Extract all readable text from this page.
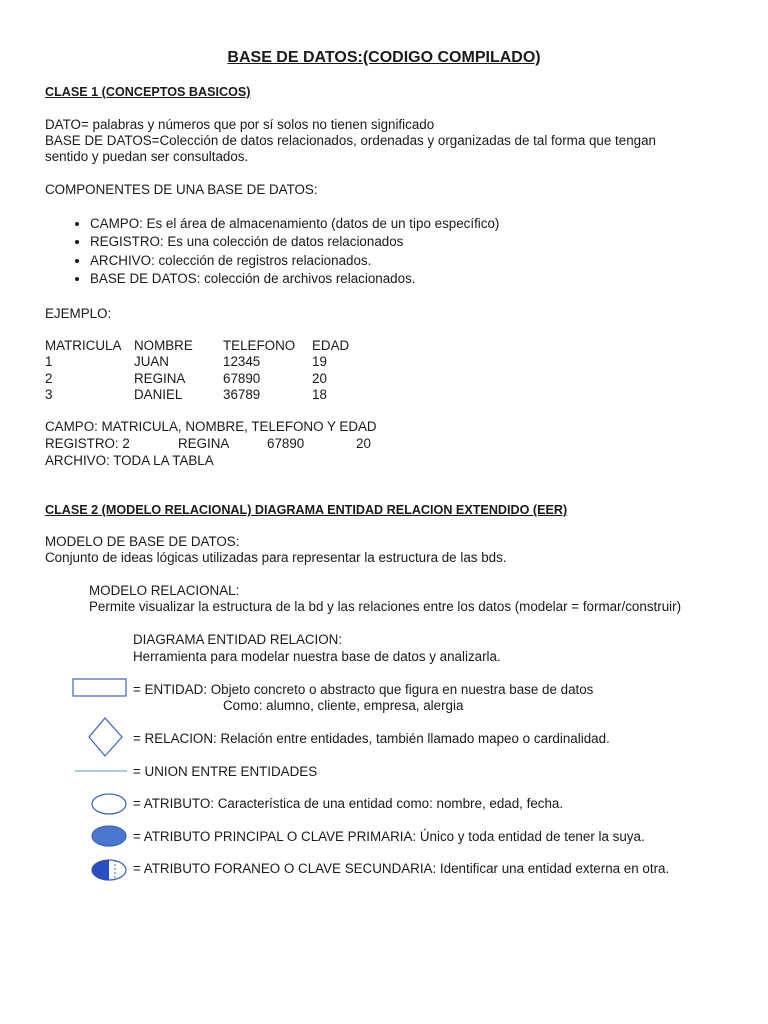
BASE DE DATOS:(CODIGO COMPILADO)
CLASE 1 (CONCEPTOS BASICOS)
DATO= palabras y números que por sí solos no tienen significado
BASE DE DATOS=Colección de datos relacionados, ordenadas y organizadas de tal forma que tengan
sentido y puedan ser consultados.
COMPONENTES DE UNA BASE DE DATOS:
• CAMPO: Es el área de almacenamiento (datos de un tipo específico)
• REGISTRO: Es una colección de datos relacionados
• ARCHIVO: colección de registros relacionados.
• BASE DE DATOS: colección de archivos relacionados.
EJEMPLO:
MATRICULA NOMBRE TELEFONO EDAD
1	JUAN	12345	19
2	REGINA	67890	20
3	DANIEL	36789	18
CAMPO: MATRICULA, NOMBRE, TELEFONO Y EDAD
REGISTRO: 2	REGINA	67890	20
ARCHIVO: TODA LA TABLA
CLASE 2 (MODELO RELACIONAL) DIAGRAMA ENTIDAD RELACION EXTENDIDO (EER)
MODELO DE BASE DE DATOS:
Conjunto de ideas lógicas utilizadas para representar la estructura de las bds.
MODELO RELACIONAL:
Permite visualizar la estructura de la bd y las relaciones entre los datos (modelar = formar/construir)
DIAGRAMA ENTIDAD RELACION:
Herramienta para modelar nuestra base de datos y analizarla.
= ENTIDAD: Objeto concreto o abstracto que figura en nuestra base de datos
Como: alumno, cliente, empresa, alergia
= RELACION: Relación entre entidades, también llamado mapeo o cardinalidad.
= UNION ENTRE ENTIDADES
= ATRIBUTO: Característica de una entidad como: nombre, edad, fecha.
= ATRIBUTO PRINCIPAL O CLAVE PRIMARIA: Único y toda entidad de tener la suya.
= ATRIBUTO FORANEO O CLAVE SECUNDARIA: Identificar una entidad externa en otra.
